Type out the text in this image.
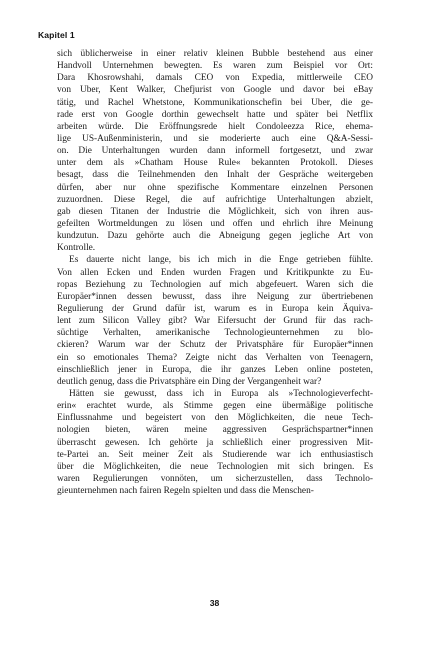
Kapitel 1

sich üblicherweise in einer relativ kleinen Bubble bestehend aus einer
Handvoll Unternehmen bewegten. Es waren zum Beispiel vor Ort:
Dara Khosrowshahi, damals CEO von Expedia, mittlerweile CEO
von Uber, Kent Walker, Chefjurist von Google und davor bei eBay
tätig, und Rachel Whetstone, Kommunikationschefin bei Uber, die ge-
rade erst von Google dorthin gewechselt hatte und später bei Netflix
arbeiten würde. Die Eröffnungsrede hielt Condoleezza Rice, ehema-
lige US-Außenministerin, und sie moderierte auch eine Q&A-Sessi-
on. Die Unterhaltungen wurden dann informell fortgesetzt, und zwar
unter dem als »Chatham House Rule« bekannten Protokoll. Dieses
besagt, dass die Teilnehmenden den Inhalt der Gespräche weitergeben
dürfen, aber nur ohne spezifische Kommentare einzelnen Personen
zuzuordnen. Diese Regel, die auf aufrichtige Unterhaltungen abzielt,
gab diesen Titanen der Industrie die Möglichkeit, sich von ihren aus-
gefeilten Wortmeldungen zu lösen und offen und ehrlich ihre Meinung
kundzutun. Dazu gehörte auch die Abneigung gegen jegliche Art von
Kontrolle.

Es dauerte nicht lange, bis ich mich in die Enge getrieben fühlte.
Von allen Ecken und Enden wurden Fragen und Kritikpunkte zu Eu-
ropas Beziehung zu Technologien auf mich abgefeuert. Waren sich die
Europäer*innen dessen bewusst, dass ihre Neigung zur übertriebenen
Regulierung der Grund dafür ist, warum es in Europa kein Äquiva-
lent zum Silicon Valley gibt? War Eifersucht der Grund für das rach-
süchtige Verhalten, amerikanische Technologieunternehmen zu blo-
ckieren? Warum war der Schutz der Privatsphäre für Europäer*innen
ein so emotionales Thema? Zeigte nicht das Verhalten von Teenagern,
einschließlich jener in Europa, die ihr ganzes Leben online posteten,
deutlich genug, dass die Privatsphäre ein Ding der Vergangenheit war?

Hätten sie gewusst, dass ich in Europa als »Technologieverfecht-
erin« erachtet wurde, als Stimme gegen eine übermäßige politische
Einflussnahme und begeistert von den Möglichkeiten, die neue Tech-
nologien bieten, wären meine aggressiven Gesprächspartner*innen
überrascht gewesen. Ich gehörte ja schließlich einer progressiven Mit-
te-Partei an. Seit meiner Zeit als Studierende war ich enthusiastisch
über die Möglichkeiten, die neue Technologien mit sich bringen. Es
waren Regulierungen vonnöten, um sicherzustellen, dass Technolo-
gieunternehmen nach fairen Regeln spielten und dass die Menschen-

38
